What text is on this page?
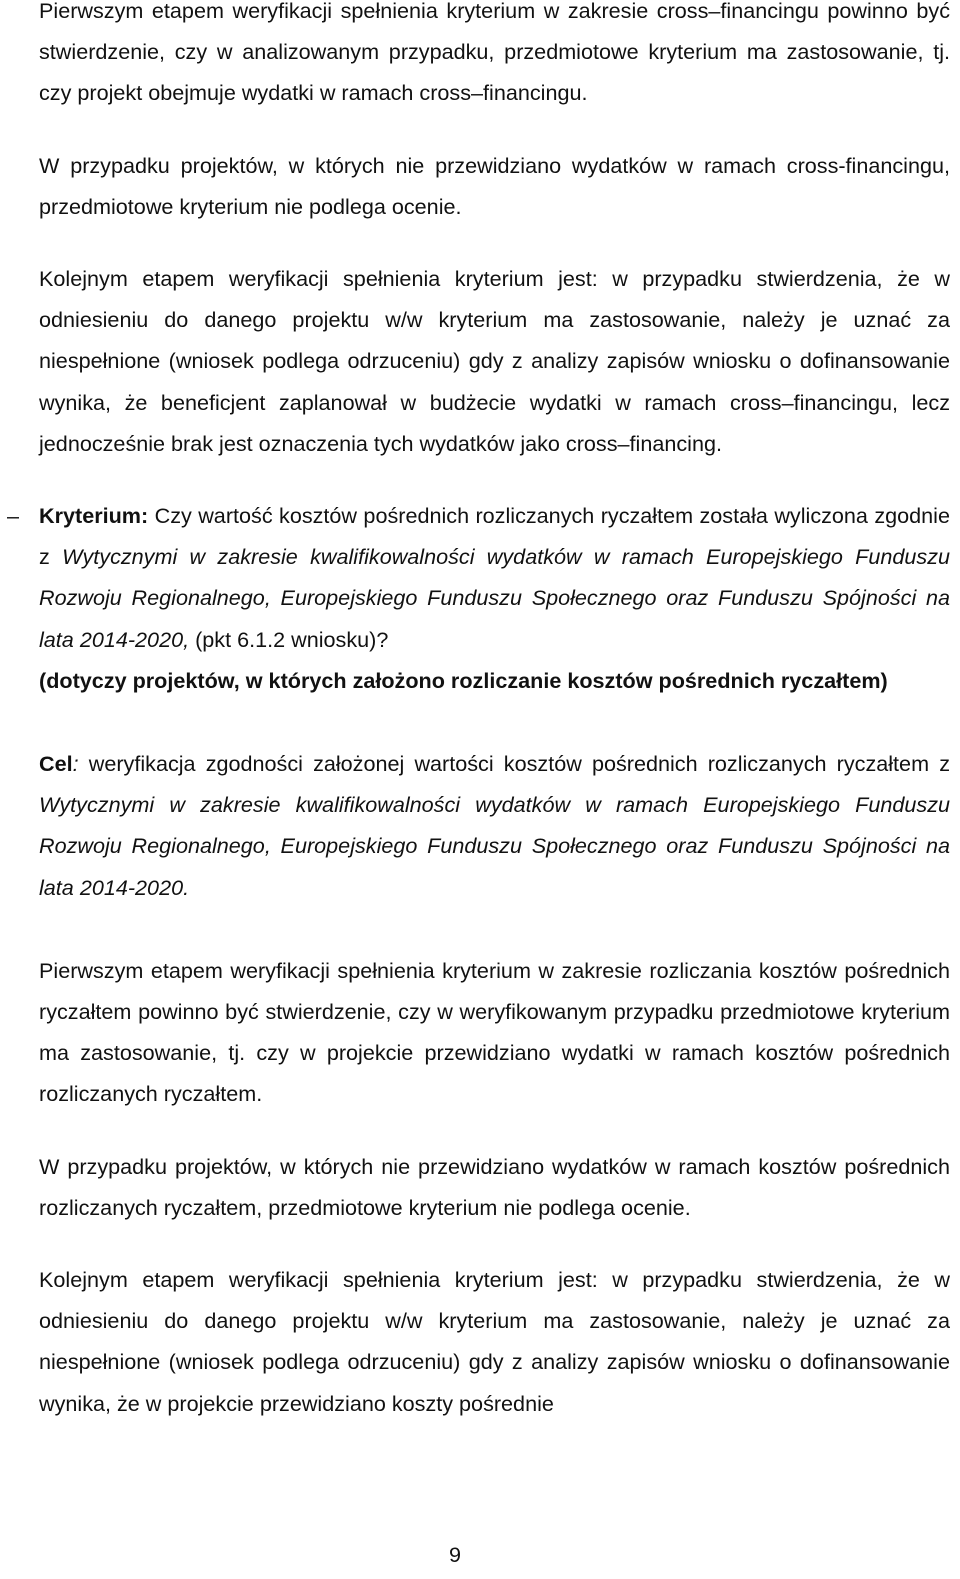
Pierwszym etapem weryfikacji spełnienia kryterium w zakresie cross–financingu powinno być stwierdzenie, czy w analizowanym przypadku, przedmiotowe kryterium ma zastosowanie, tj. czy projekt obejmuje wydatki w ramach cross–financingu.

W przypadku projektów, w których nie przewidziano wydatków w ramach cross-financingu, przedmiotowe kryterium nie podlega ocenie.

Kolejnym etapem weryfikacji spełnienia kryterium jest: w przypadku stwierdzenia, że w odniesieniu do danego projektu w/w kryterium ma zastosowanie, należy je uznać za niespełnione (wniosek podlega odrzuceniu) gdy z analizy zapisów wniosku o dofinansowanie wynika, że beneficjent zaplanował w budżecie wydatki w ramach cross–financingu, lecz jednocześnie brak jest oznaczenia tych wydatków jako cross–financing.

– Kryterium: Czy wartość kosztów pośrednich rozliczanych ryczałtem została wyliczona zgodnie z Wytycznymi w zakresie kwalifikowalności wydatków w ramach Europejskiego Funduszu Rozwoju Regionalnego, Europejskiego Funduszu Społecznego oraz Funduszu Spójności na lata 2014-2020, (pkt 6.1.2 wniosku)?

(dotyczy projektów, w których założono rozliczanie kosztów pośrednich ryczałtem)

Cel: weryfikacja zgodności założonej wartości kosztów pośrednich rozliczanych ryczałtem z Wytycznymi w zakresie kwalifikowalności wydatków w ramach Europejskiego Funduszu Rozwoju Regionalnego, Europejskiego Funduszu Społecznego oraz Funduszu Spójności na lata 2014-2020.

Pierwszym etapem weryfikacji spełnienia kryterium w zakresie rozliczania kosztów pośrednich ryczałtem powinno być stwierdzenie, czy w weryfikowanym przypadku przedmiotowe kryterium ma zastosowanie, tj. czy w projekcie przewidziano wydatki w ramach kosztów pośrednich rozliczanych ryczałtem.

W przypadku projektów, w których nie przewidziano wydatków w ramach kosztów pośrednich rozliczanych ryczałtem, przedmiotowe kryterium nie podlega ocenie.

Kolejnym etapem weryfikacji spełnienia kryterium jest: w przypadku stwierdzenia, że w odniesieniu do danego projektu w/w kryterium ma zastosowanie, należy je uznać za niespełnione (wniosek podlega odrzuceniu) gdy z analizy zapisów wniosku o dofinansowanie wynika, że w projekcie przewidziano koszty pośrednie

9
